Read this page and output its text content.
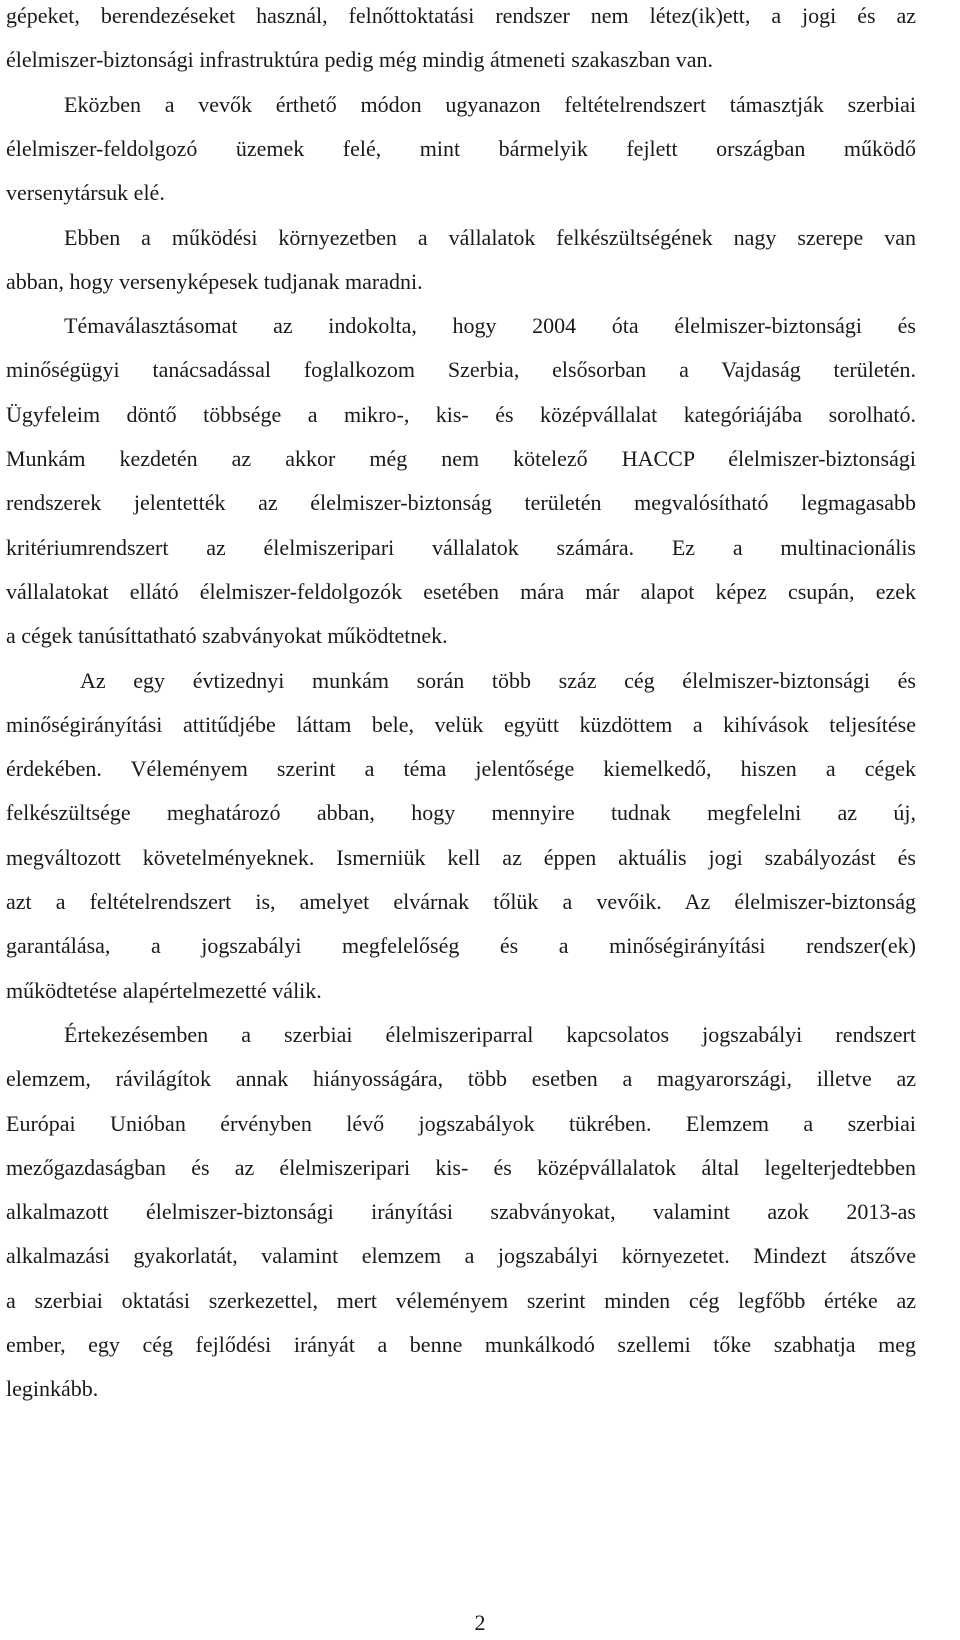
gépeket, berendezéseket használ, felnőttoktatási rendszer nem létez(ik)ett, a jogi és az
élelmiszer-biztonsági infrastruktúra pedig még mindig átmeneti szakaszban van.
Eközben a vevők érthető módon ugyanazon feltételrendszert támasztják szerbiai
élelmiszer-feldolgozó üzemek felé, mint bármelyik fejlett országban működő
versenytársuk elé.
Ebben a működési környezetben a vállalatok felkészültségének nagy szerepe van
abban, hogy versenyképesek tudjanak maradni.
Témaválasztásomat az indokolta, hogy 2004 óta élelmiszer-biztonsági és
minőségügyi tanácsadással foglalkozom Szerbia, elsősorban a Vajdaság területén.
Ügyfeleim döntő többsége a mikro-, kis- és középvállalat kategóriájába sorolható.
Munkám kezdetén az akkor még nem kötelező HACCP élelmiszer-biztonsági
rendszerek jelentették az élelmiszer-biztonság területén megvalósítható legmagasabb
kritériumrendszert az élelmiszeripari vállalatok számára. Ez a multinacionális
vállalatokat ellátó élelmiszer-feldolgozók esetében mára már alapot képez csupán, ezek
a cégek tanúsíttatható szabványokat működtetnek.
Az egy évtizednyi munkám során több száz cég élelmiszer-biztonsági és
minőségirányítási attitűdjébe láttam bele, velük együtt küzdöttem a kihívások teljesítése
érdekében. Véleményem szerint a téma jelentősége kiemelkedő, hiszen a cégek
felkészültsége meghatározó abban, hogy mennyire tudnak megfelelni az új,
megváltozott követelményeknek. Ismerniük kell az éppen aktuális jogi szabályozást és
azt a feltételrendszert is, amelyet elvárnak tőlük a vevőik. Az élelmiszer-biztonság
garantálása, a jogszabályi megfelelőség és a minőségirányítási rendszer(ek)
működtetése alapértelmezetté válik.
Értekezésemben a szerbiai élelmiszeriparral kapcsolatos jogszabályi rendszert
elemzem, rávilágítok annak hiányosságára, több esetben a magyarországi, illetve az
Európai Unióban érvényben lévő jogszabályok tükrében. Elemzem a szerbiai
mezőgazdaságban és az élelmiszeripari kis- és középvállalatok által legelterjedtebben
alkalmazott élelmiszer-biztonsági irányítási szabványokat, valamint azok 2013-as
alkalmazási gyakorlatát, valamint elemzem a jogszabályi környezetet. Mindezt átszőve
a szerbiai oktatási szerkezettel, mert véleményem szerint minden cég legfőbb értéke az
ember, egy cég fejlődési irányát a benne munkálkodó szellemi tőke szabhatja meg
leginkább.
2
